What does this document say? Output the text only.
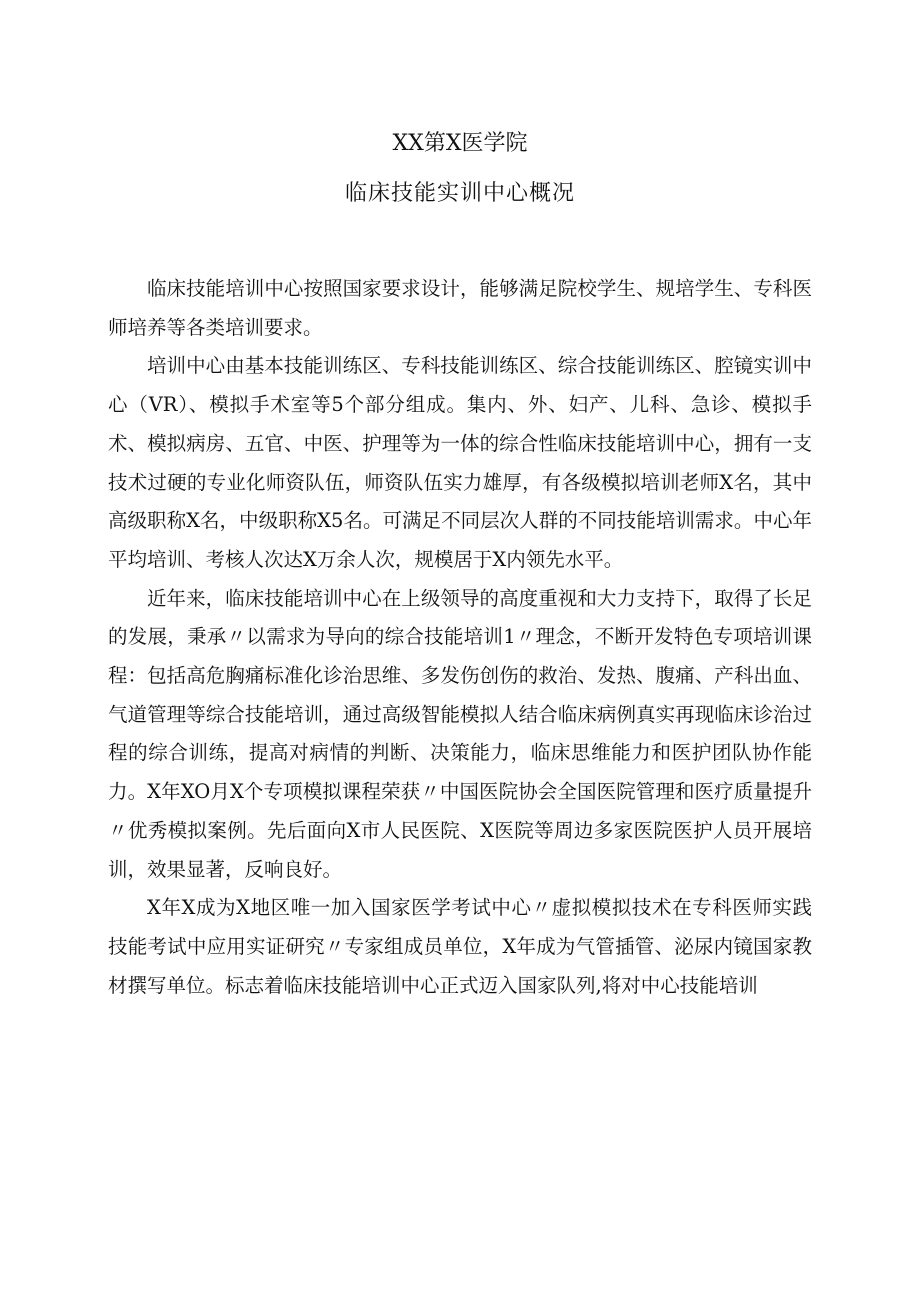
XX第X医学院
临床技能实训中心概况

临床技能培训中心按照国家要求设计，能够满足院校学生、规培学生、专科医师培养等各类培训要求。

培训中心由基本技能训练区、专科技能训练区、综合技能训练区、腔镜实训中心（VR）、模拟手术室等5个部分组成。集内、外、妇产、儿科、急诊、模拟手术、模拟病房、五官、中医、护理等为一体的综合性临床技能培训中心，拥有一支技术过硬的专业化师资队伍，师资队伍实力雄厚，有各级模拟培训老师X名，其中高级职称X名，中级职称X5名。可满足不同层次人群的不同技能培训需求。中心年平均培训、考核人次达X万余人次，规模居于X内领先水平。

近年来，临床技能培训中心在上级领导的高度重视和大力支持下，取得了长足的发展，秉承〃以需求为导向的综合技能培训1〃理念，不断开发特色专项培训课程：包括高危胸痛标准化诊治思维、多发伤创伤的救治、发热、腹痛、产科出血、气道管理等综合技能培训，通过高级智能模拟人结合临床病例真实再现临床诊治过程的综合训练，提高对病情的判断、决策能力，临床思维能力和医护团队协作能力。X年XO月X个专项模拟课程荣获〃中国医院协会全国医院管理和医疗质量提升〃优秀模拟案例。先后面向X市人民医院、X医院等周边多家医院医护人员开展培训，效果显著，反响良好。

X年X成为X地区唯一加入国家医学考试中心〃虚拟模拟技术在专科医师实践技能考试中应用实证研究〃专家组成员单位，X年成为气管插管、泌尿内镜国家教材撰写单位。标志着临床技能培训中心正式迈入国家队列,将对中心技能培训
